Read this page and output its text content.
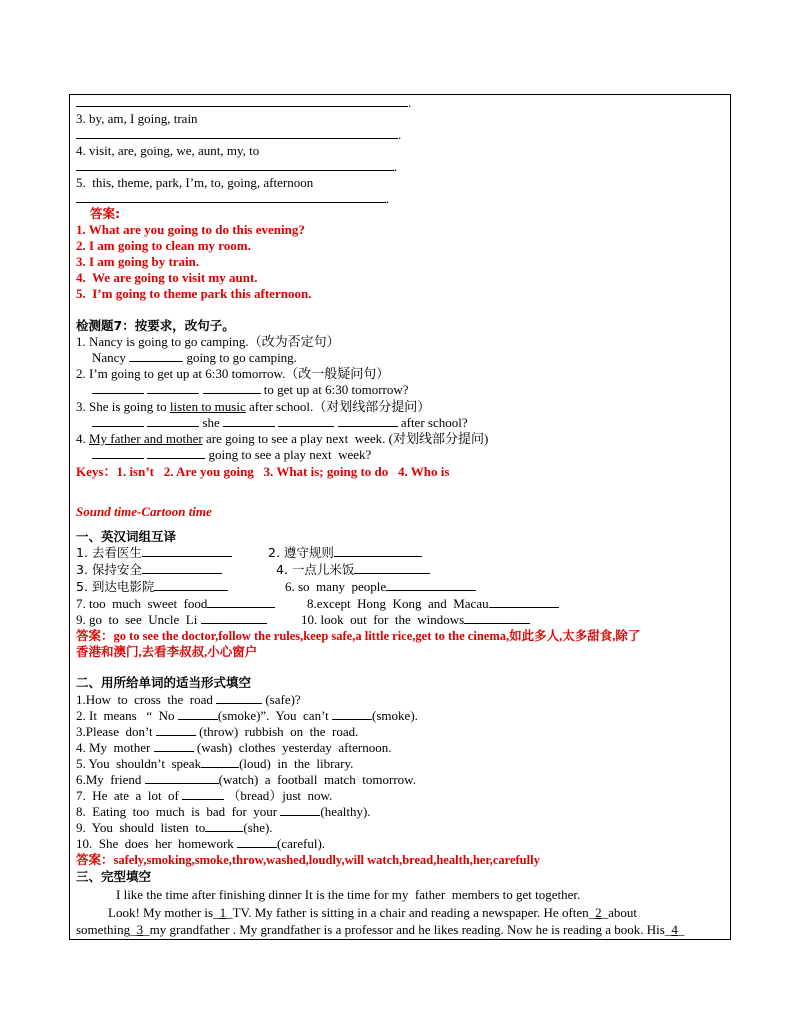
.
3. by, am, I going, train
.
4. visit, are, going, we, aunt, my, to
.
5.  this, theme, park, I’m, to, going, afternoon
.
答案:
1. What are you going to do this evening?
2. I am going to clean my room.
3. I am going by train.
4.  We are going to visit my aunt.
5.  I’m going to theme park this afternoon.
检测题7：按要求，改句子。
1. Nancy is going to go camping.（改为否定句）
Nancy	going to go camping.
2. I’m going to get up at 6:30 tomorrow.（改一般疑问句）
to get up at 6:30 tomorrow?
3. She is going to listen to music after school.（对划线部分提问）
she	after school?
4. My father and mother are going to see a play next  week. (对划线部分提问)
going to see a play next  week?
Keys：1. isn’t   2. Are you going   3. What is; going to do   4. Who is
Sound time-Cartoon time
一、英汉词组互译
1. 去看医生	2. 遵守规则
3. 保持安全	4. 一点儿米饭
5. 到达电影院	6. so  many  people
7. too  much  sweet  food	8.except  Hong  Kong  and  Macau
9. go  to  see  Uncle  Li	10. look  out  for  the  windows
答案：go to see the doctor,follow the rules,keep safe,a little rice,get to the cinema,如此多人,太多甜食,除了
香港和澳门,去看李叔叔,小心窗户
二、用所给单词的适当形式填空
1.How  to  cross  the  road	(safe)?
2. It  means   “  No	(smoke)”.  You  can’t	(smoke).
3.Please  don’t	(throw)  rubbish  on  the  road.
4. My  mother	(wash)  clothes  yesterday  afternoon.
5. You  shouldn’t  speak	(loud)  in  the  library.
6.My  friend	(watch)  a  football  match  tomorrow.
7.  He  ate  a  lot  of	（bread）just  now.
8.  Eating  too  much  is  bad  for  your	(healthy).
9.  You  should  listen  to	(she).
10.  She  does  her  homework	(careful).
答案：safely,smoking,smoke,throw,washed,loudly,will watch,bread,health,her,carefully
三、完型填空
I like the time after finishing dinner It is the time for my  father  members to get together.
Look! My mother is_1_TV. My father is sitting in a chair and reading a newspaper. He often_2_about
something_3_my grandfather . My grandfather is a professor and he likes reading. Now he is reading a book. His_4_
